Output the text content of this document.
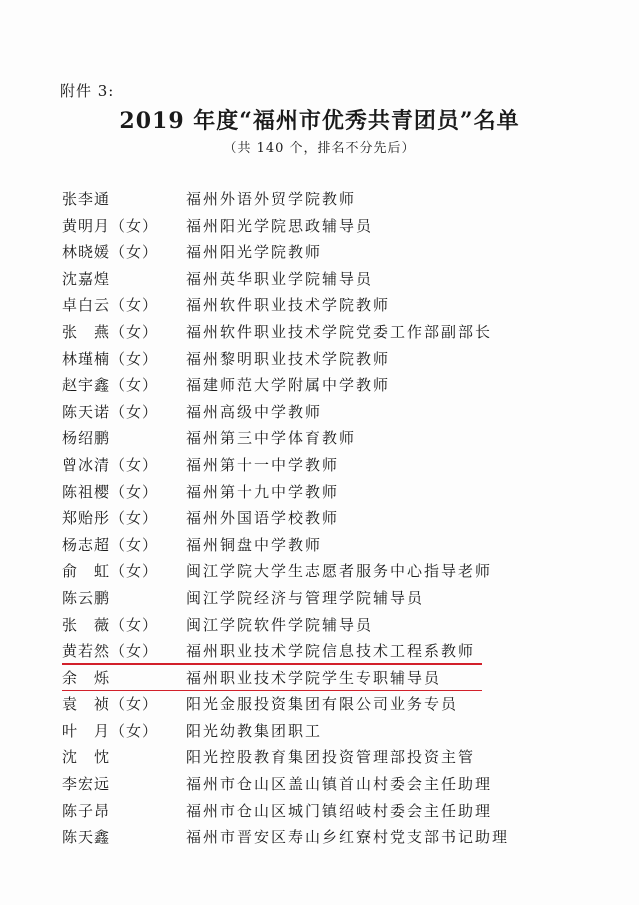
附件 3:
2019 年度“福州市优秀共青团员”名单
（共 140 个，排名不分先后）
张李通	福州外语外贸学院教师
黄明月（女）	福州阳光学院思政辅导员
林晓媛（女）	福州阳光学院教师
沈嘉煌	福州英华职业学院辅导员
卓白云（女）	福州软件职业技术学院教师
张　燕（女）	福州软件职业技术学院党委工作部副部长
林瑾楠（女）	福州黎明职业技术学院教师
赵宇鑫（女）	福建师范大学附属中学教师
陈天诺（女）	福州高级中学教师
杨绍鹏	福州第三中学体育教师
曾冰清（女）	福州第十一中学教师
陈祖樱（女）	福州第十九中学教师
郑贻彤（女）	福州外国语学校教师
杨志超（女）	福州铜盘中学教师
俞　虹（女）	闽江学院大学生志愿者服务中心指导老师
陈云鹏	闽江学院经济与管理学院辅导员
张　薇（女）	闽江学院软件学院辅导员
黄若然（女）	福州职业技术学院信息技术工程系教师
余　烁	福州职业技术学院学生专职辅导员
袁　祯（女）	阳光金服投资集团有限公司业务专员
叶　月（女）	阳光幼教集团职工
沈　忱	阳光控股教育集团投资管理部投资主管
李宏远	福州市仓山区盖山镇首山村委会主任助理
陈子昂	福州市仓山区城门镇绍岐村委会主任助理
陈天鑫	福州市晋安区寿山乡红寮村党支部书记助理
